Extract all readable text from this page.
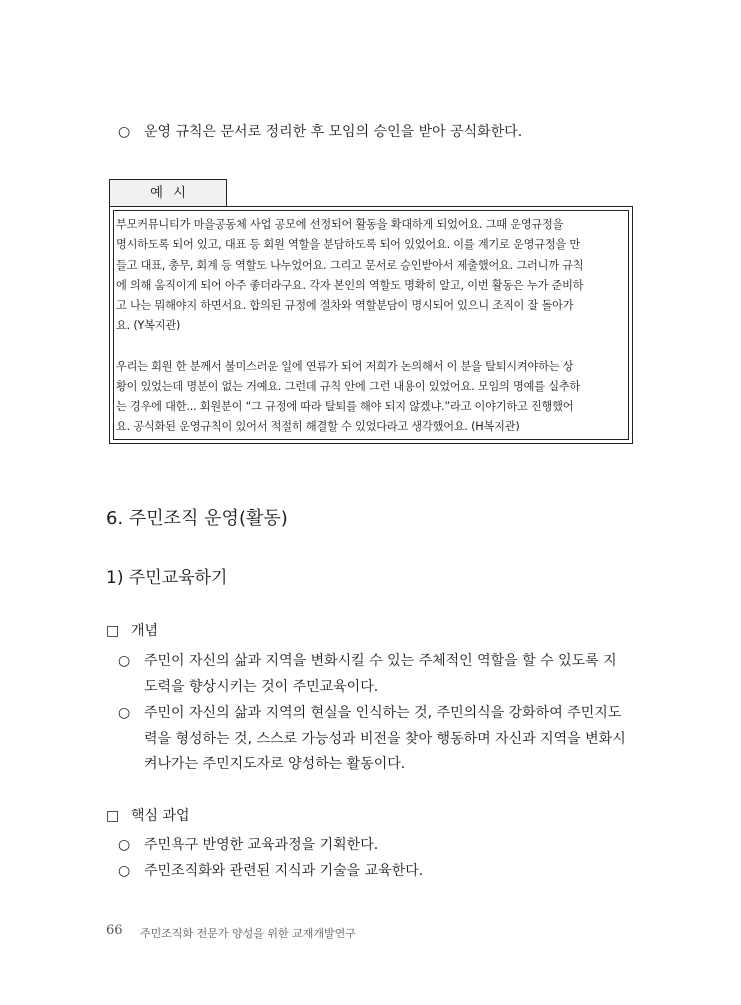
○ 운영 규칙은 문서로 정리한 후 모임의 승인을 받아 공식화한다.
예시
부모커뮤니티가 마을공동체 사업 공모에 선정되어 활동을 확대하게 되었어요. 그때 운영규정을
명시하도록 되어 있고, 대표 등 회원 역할을 분담하도록 되어 있었어요. 이를 계기로 운영규정을 만
들고 대표, 총무, 회계 등 역할도 나누었어요. 그리고 문서로 승인받아서 제출했어요. 그러니까 규칙
에 의해 움직이게 되어 아주 좋더라구요. 각자 본인의 역할도 명확히 알고, 이번 활동은 누가 준비하
고 나는 뭐해야지 하면서요. 합의된 규정에 절차와 역할분담이 명시되어 있으니 조직이 잘 돌아가
요. (Y복지관)
우리는 회원 한 분께서 불미스러운 일에 연류가 되어 저희가 논의해서 이 분을 탈퇴시켜야하는 상
황이 있었는데 명분이 없는 거예요. 그런데 규칙 안에 그런 내용이 있었어요. 모임의 명예를 실추하
는 경우에 대한... 회원분이 “그 규정에 따라 탈퇴를 해야 되지 않겠냐.”라고 이야기하고 진행했어
요. 공식화된 운영규칙이 있어서 적절히 해결할 수 있었다라고 생각했어요. (H복지관)
6. 주민조직 운영(활동)
1) 주민교육하기
□ 개념
○ 주민이 자신의 삶과 지역을 변화시킬 수 있는 주체적인 역할을 할 수 있도록 지
도력을 향상시키는 것이 주민교육이다.
○ 주민이 자신의 삶과 지역의 현실을 인식하는 것, 주민의식을 강화하여 주민지도
력을 형성하는 것, 스스로 가능성과 비전을 찾아 행동하며 자신과 지역을 변화시
켜나가는 주민지도자로 양성하는 활동이다.
□ 핵심 과업
○ 주민욕구 반영한 교육과정을 기획한다.
○ 주민조직화와 관련된 지식과 기술을 교육한다.
66 주민조직화 전문가 양성을 위한 교재개발연구
